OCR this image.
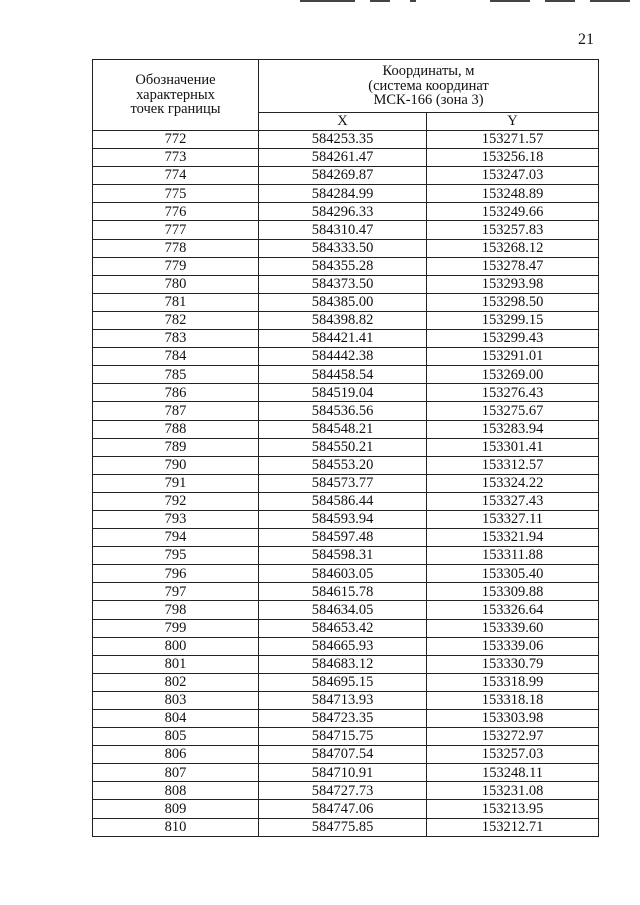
21
Обозначение
характерных
точек границы	Координаты, м
(система координат
МСК-166 (зона 3)	

	X	Y
772	584253.35	153271.57
773	584261.47	153256.18
774	584269.87	153247.03
775	584284.99	153248.89
776	584296.33	153249.66
777	584310.47	153257.83
778	584333.50	153268.12
779	584355.28	153278.47
780	584373.50	153293.98
781	584385.00	153298.50
782	584398.82	153299.15
783	584421.41	153299.43
784	584442.38	153291.01
785	584458.54	153269.00
786	584519.04	153276.43
787	584536.56	153275.67
788	584548.21	153283.94
789	584550.21	153301.41
790	584553.20	153312.57
791	584573.77	153324.22
792	584586.44	153327.43
793	584593.94	153327.11
794	584597.48	153321.94
795	584598.31	153311.88
796	584603.05	153305.40
797	584615.78	153309.88
798	584634.05	153326.64
799	584653.42	153339.60
800	584665.93	153339.06
801	584683.12	153330.79
802	584695.15	153318.99
803	584713.93	153318.18
804	584723.35	153303.98
805	584715.75	153272.97
806	584707.54	153257.03
807	584710.91	153248.11
808	584727.73	153231.08
809	584747.06	153213.95
810	584775.85	153212.71
